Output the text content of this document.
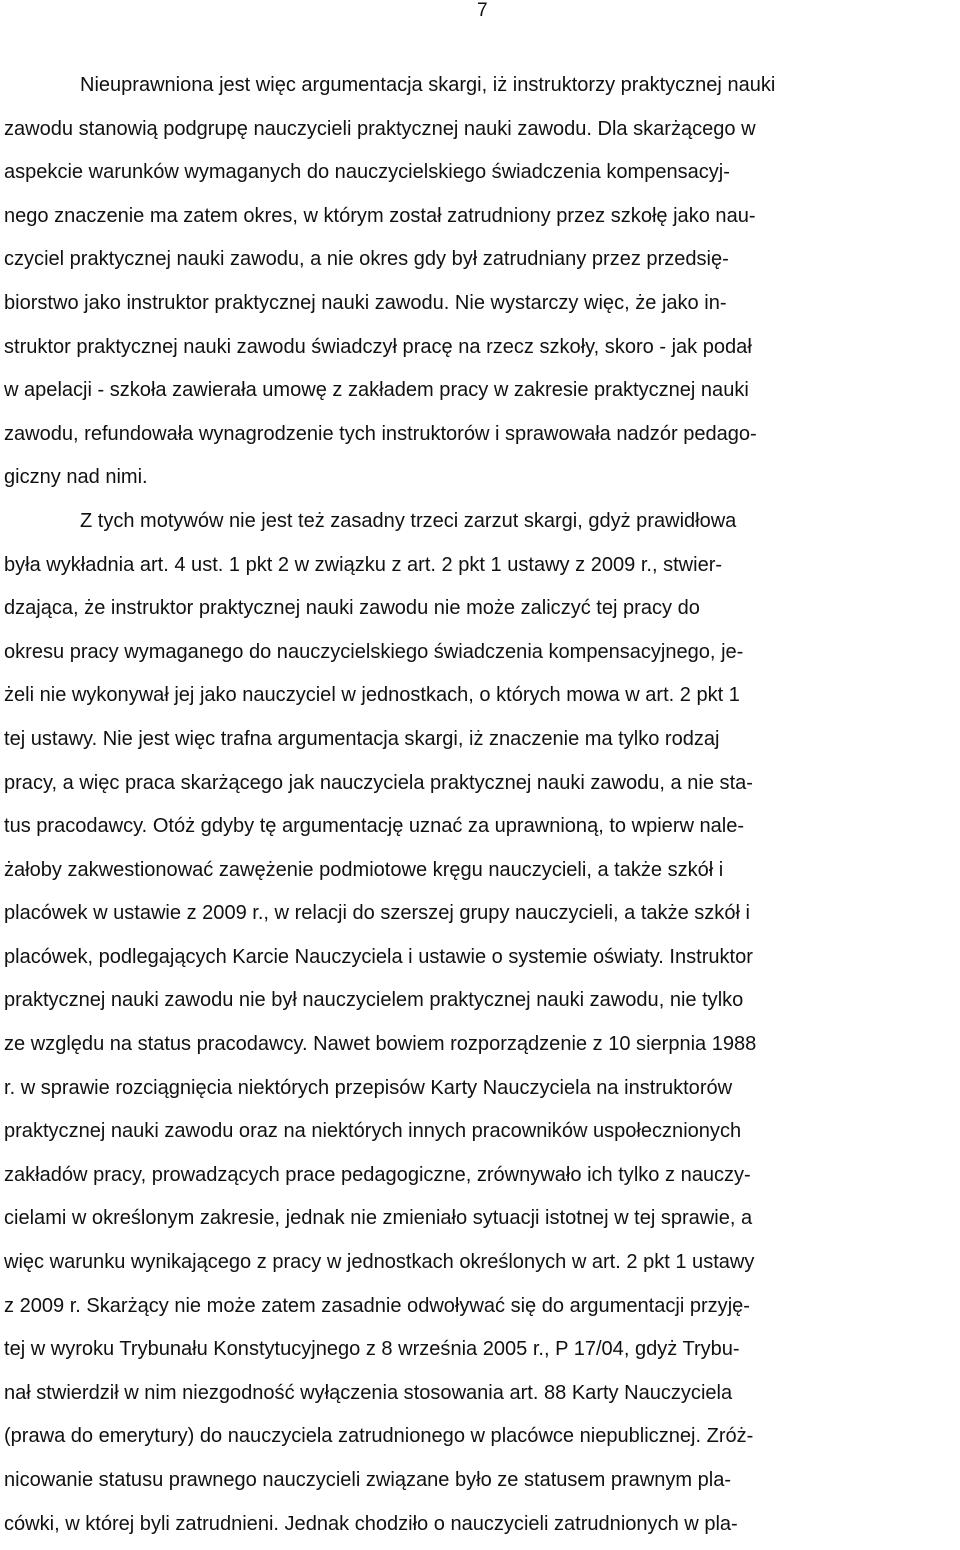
7
Nieuprawniona jest więc argumentacja skargi, iż instruktorzy praktycznej nauki
zawodu stanowią podgrupę nauczycieli praktycznej nauki zawodu. Dla skarżącego w
aspekcie warunków wymaganych do nauczycielskiego świadczenia kompensacyj-
nego znaczenie ma zatem okres, w którym został zatrudniony przez szkołę jako nau-
czyciel praktycznej nauki zawodu, a nie okres gdy był zatrudniany przez przedsię-
biorstwo jako instruktor praktycznej nauki zawodu. Nie wystarczy więc, że jako in-
struktor praktycznej nauki zawodu świadczył pracę na rzecz szkoły, skoro - jak podał
w apelacji - szkoła zawierała umowę z zakładem pracy w zakresie praktycznej nauki
zawodu, refundowała wynagrodzenie tych instruktorów i sprawowała nadzór pedago-
giczny nad nimi.
Z tych motywów nie jest też zasadny trzeci zarzut skargi, gdyż prawidłowa
była wykładnia art. 4 ust. 1 pkt 2 w związku z art. 2 pkt 1 ustawy z 2009 r., stwier-
dzająca, że instruktor praktycznej nauki zawodu nie może zaliczyć tej pracy do
okresu pracy wymaganego do nauczycielskiego świadczenia kompensacyjnego, je-
żeli nie wykonywał jej jako nauczyciel w jednostkach, o których mowa w art. 2 pkt 1
tej ustawy. Nie jest więc trafna argumentacja skargi, iż znaczenie ma tylko rodzaj
pracy, a więc praca skarżącego jak nauczyciela praktycznej nauki zawodu, a nie sta-
tus pracodawcy. Otóż gdyby tę argumentację uznać za uprawnioną, to wpierw nale-
żałoby zakwestionować zawężenie podmiotowe kręgu nauczycieli, a także szkół i
placówek w ustawie z 2009 r., w relacji do szerszej grupy nauczycieli, a także szkół i
placówek, podlegających Karcie Nauczyciela i ustawie o systemie oświaty. Instruktor
praktycznej nauki zawodu nie był nauczycielem praktycznej nauki zawodu, nie tylko
ze względu na status pracodawcy. Nawet bowiem rozporządzenie z 10 sierpnia 1988
r. w sprawie rozciągnięcia niektórych przepisów Karty Nauczyciela na instruktorów
praktycznej nauki zawodu oraz na niektórych innych pracowników uspołecznionych
zakładów pracy, prowadzących prace pedagogiczne, zrównywało ich tylko z nauczy-
cielami w określonym zakresie, jednak nie zmieniało sytuacji istotnej w tej sprawie, a
więc warunku wynikającego z pracy w jednostkach określonych w art. 2 pkt 1 ustawy
z 2009 r. Skarżący nie może zatem zasadnie odwoływać się do argumentacji przyję-
tej w wyroku Trybunału Konstytucyjnego z 8 września 2005 r., P 17/04, gdyż Trybu-
nał stwierdził w nim niezgodność wyłączenia stosowania art. 88 Karty Nauczyciela
(prawa do emerytury) do nauczyciela zatrudnionego w placówce niepublicznej. Zróż-
nicowanie statusu prawnego nauczycieli związane było ze statusem prawnym pla-
cówki, w której byli zatrudnieni. Jednak chodziło o nauczycieli zatrudnionych w pla-
